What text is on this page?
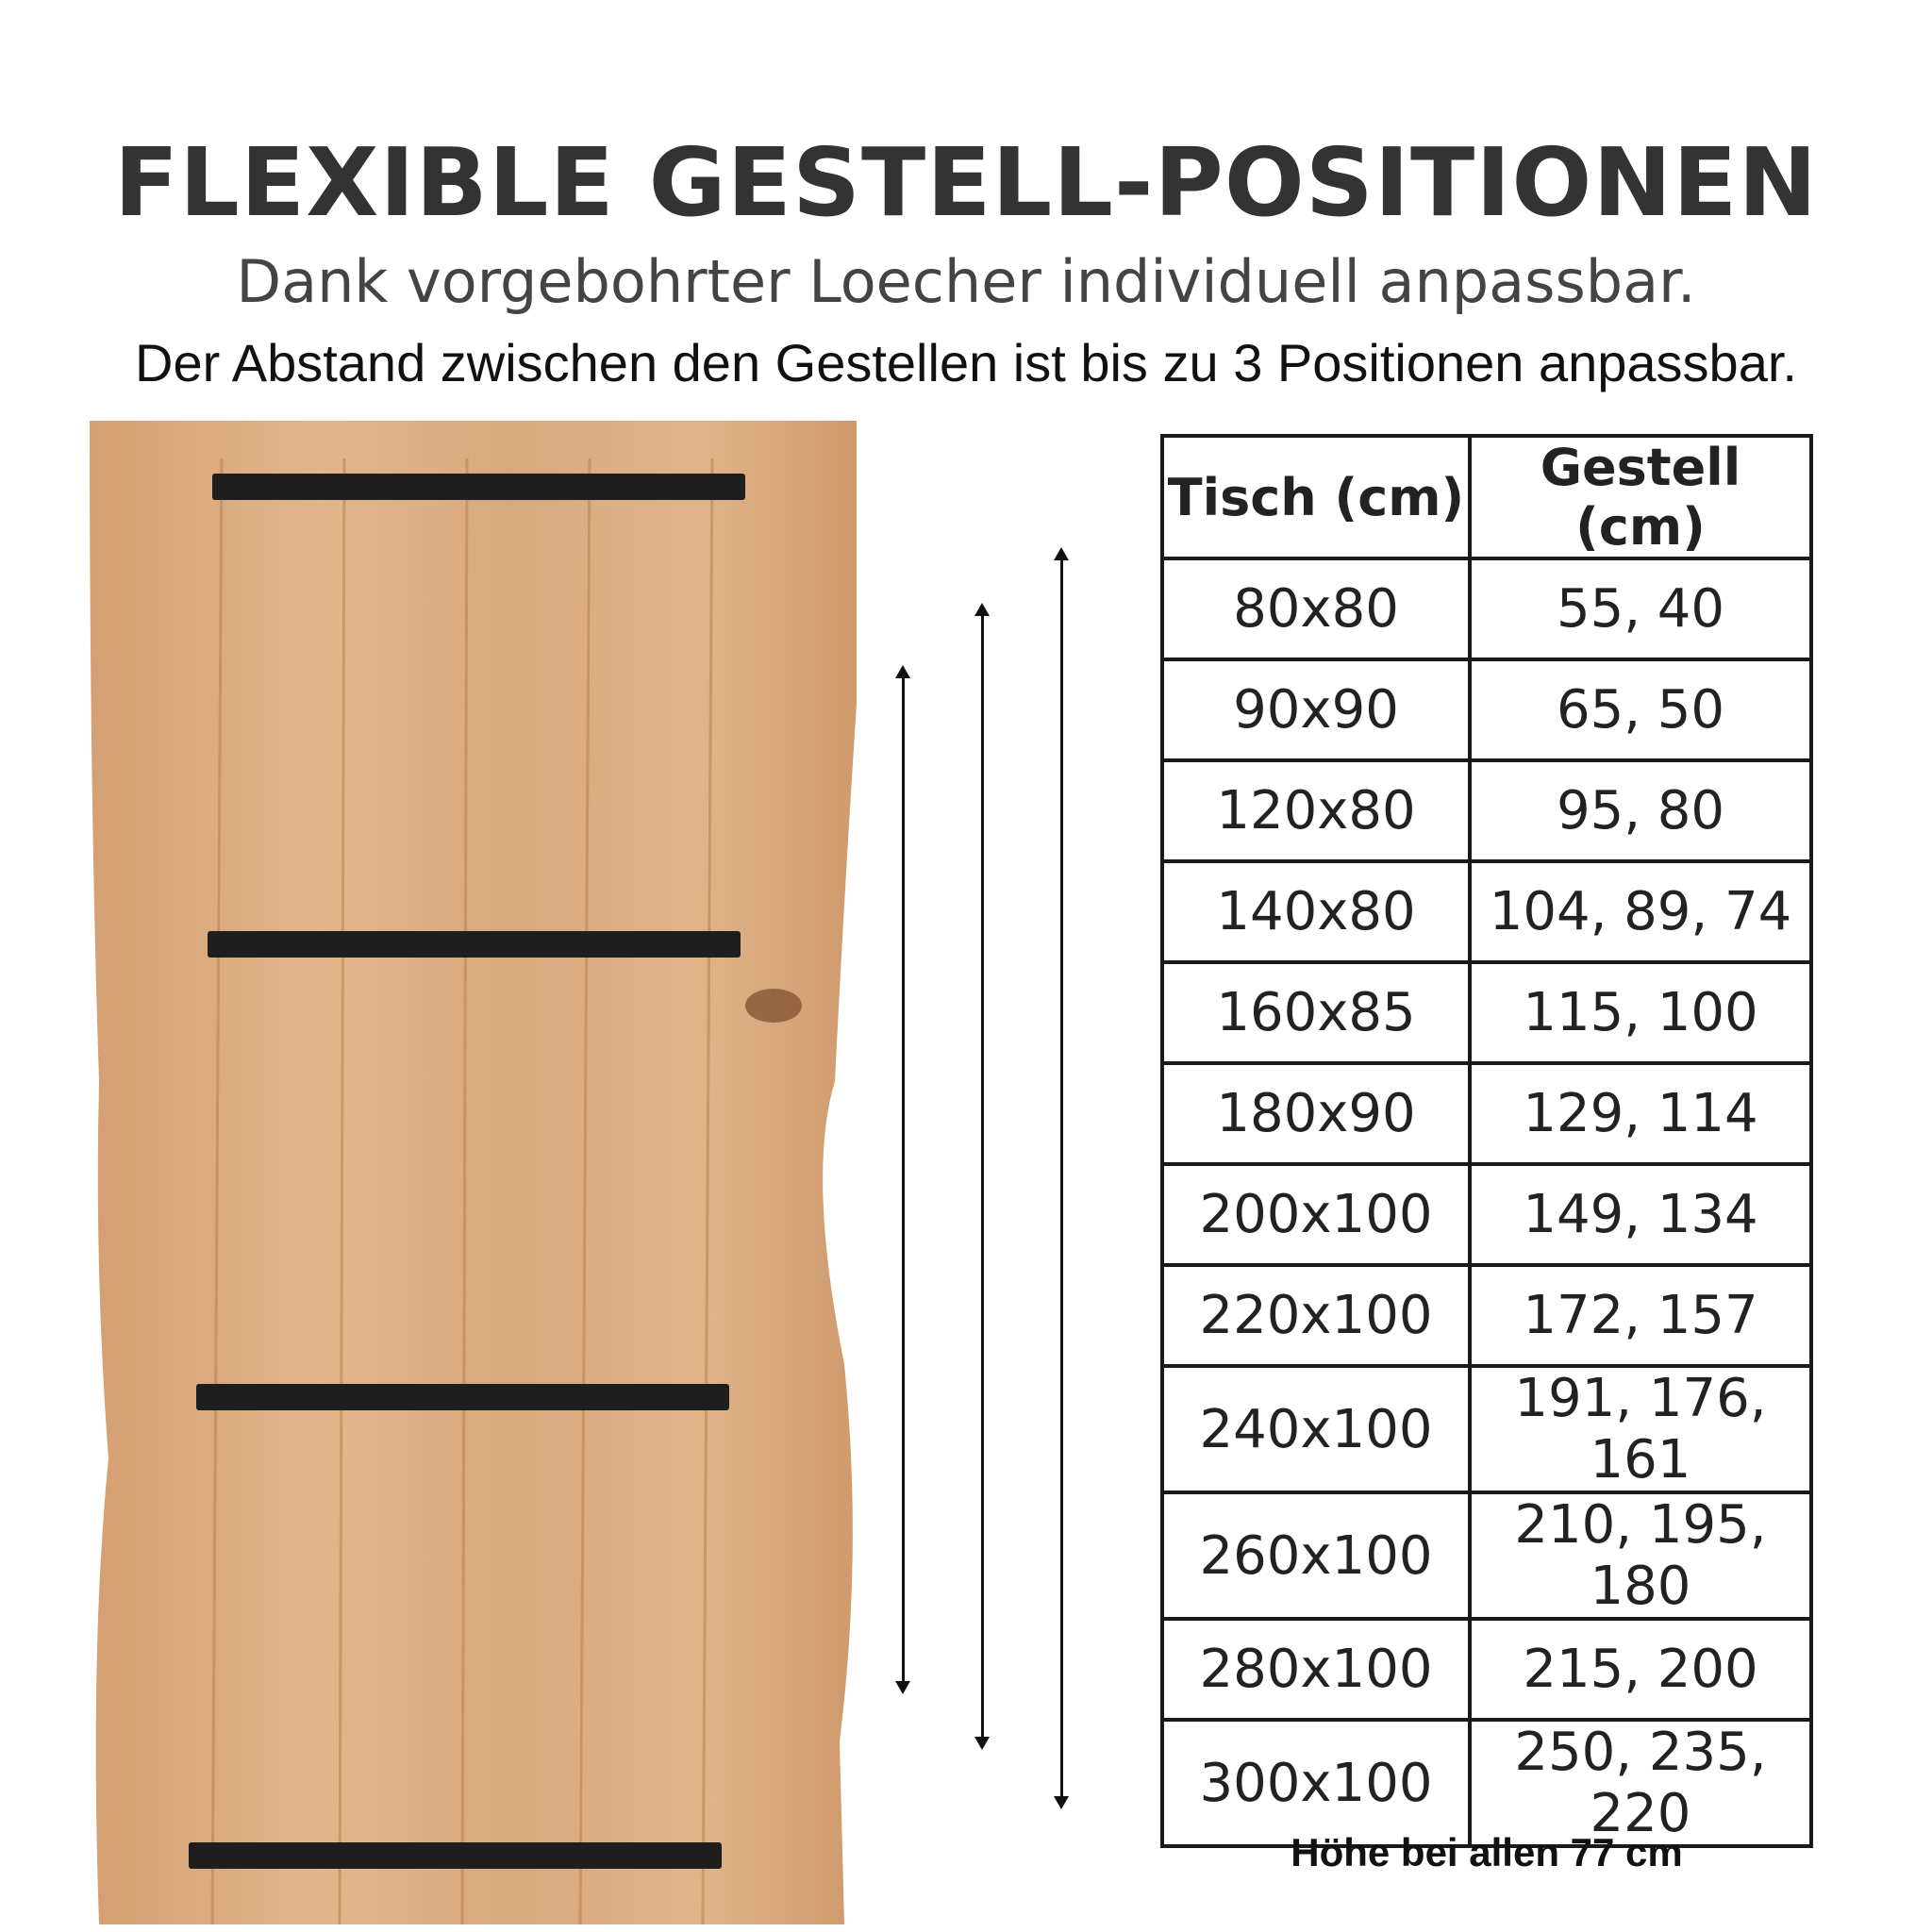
FLEXIBLE GESTELL-POSITIONEN
Dank vorgebohrter Loecher individuell anpassbar.
Der Abstand zwischen den Gestellen ist bis zu 3 Positionen anpassbar.
Tisch (cm)	Gestell (cm)
80x80	55, 40
90x90	65, 50
120x80	95, 80
140x80	104, 89, 74
160x85	115, 100
180x90	129, 114
200x100	149, 134
220x100	172, 157
240x100	191, 176, 161
260x100	210, 195, 180
280x100	215, 200
300x100	250, 235, 220
Höhe bei allen 77 cm
